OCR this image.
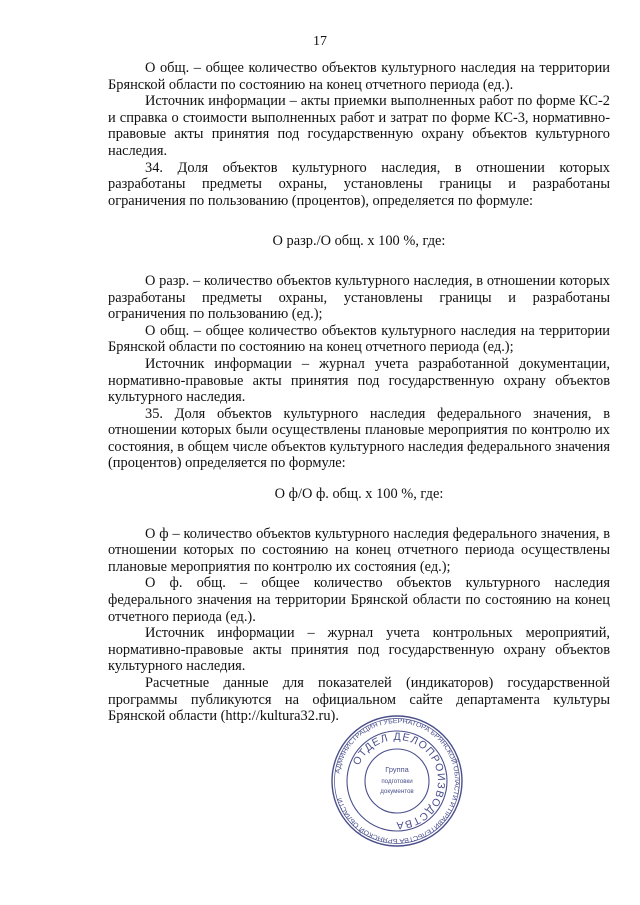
17

О общ. – общее количество объектов культурного наследия на территории Брянской области по состоянию на конец отчетного периода (ед.).

Источник информации – акты приемки выполненных работ по форме КС-2 и справка о стоимости выполненных работ и затрат по форме КС-3, нормативно-правовые акты принятия под государственную охрану объектов культурного наследия.

34. Доля объектов культурного наследия, в отношении которых разработаны предметы охраны, установлены границы и разработаны ограничения по пользованию (процентов), определяется по формуле:

О разр./О общ. х 100 %, где:

О разр. – количество объектов культурного наследия, в отношении которых разработаны предметы охраны, установлены границы и разработаны ограничения по пользованию (ед.);

О общ. – общее количество объектов культурного наследия на территории Брянской области по состоянию на конец отчетного периода (ед.);

Источник информации – журнал учета разработанной документации, нормативно-правовые акты принятия под государственную охрану объектов культурного наследия.

35. Доля объектов культурного наследия федерального значения, в отношении которых были осуществлены плановые мероприятия по контролю их состояния, в общем числе объектов культурного наследия федерального значения (процентов) определяется по формуле:

О ф/О ф. общ. х 100 %, где:

О ф – количество объектов культурного наследия федерального значения, в отношении которых по состоянию на конец отчетного периода осуществлены плановые мероприятия по контролю их состояния (ед.);

О ф. общ. – общее количество объектов культурного наследия федерального значения на территории Брянской области по состоянию на конец отчетного периода (ед.).

Источник информации – журнал учета контрольных мероприятий, нормативно-правовые акты принятия под государственную охрану объектов культурного наследия.

Расчетные данные для показателей (индикаторов) государственной программы публикуются на официальном сайте департамента культуры Брянской области (http://kultura32.ru).

АДМИНИСТРАЦИЯ ГУБЕРНАТОРА БРЯНСКОЙ ОБЛАСТИ И ПРАВИТЕЛЬСТВА БРЯНСКОЙ ОБЛАСТИ
ОТДЕЛ ДЕЛОПРОИЗВОДСТВА
Группа
подготовки
документов
